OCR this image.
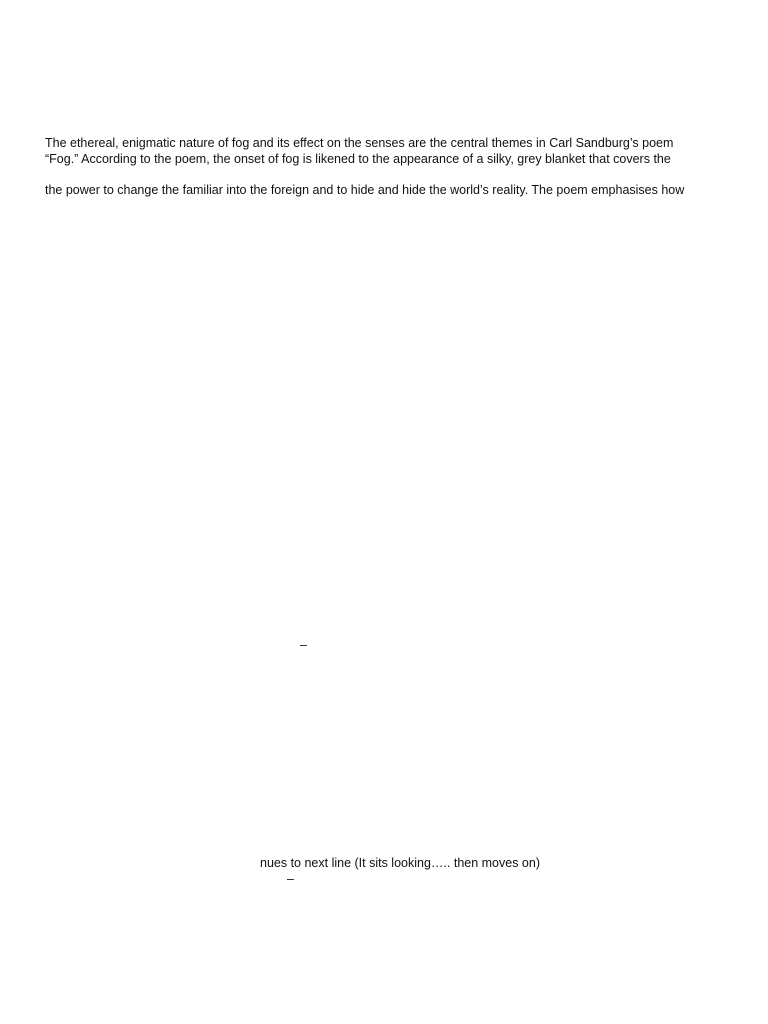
The ethereal, enigmatic nature of fog and its effect on the senses are the central themes in Carl Sandburg’s poem
“Fog.” According to the poem, the onset of fog is likened to the appearance of a silky, grey blanket that covers the
the power to change the familiar into the foreign and to hide and hide the world’s reality. The poem emphasises how
–
nues to next line (It sits looking….. then moves on)
–
